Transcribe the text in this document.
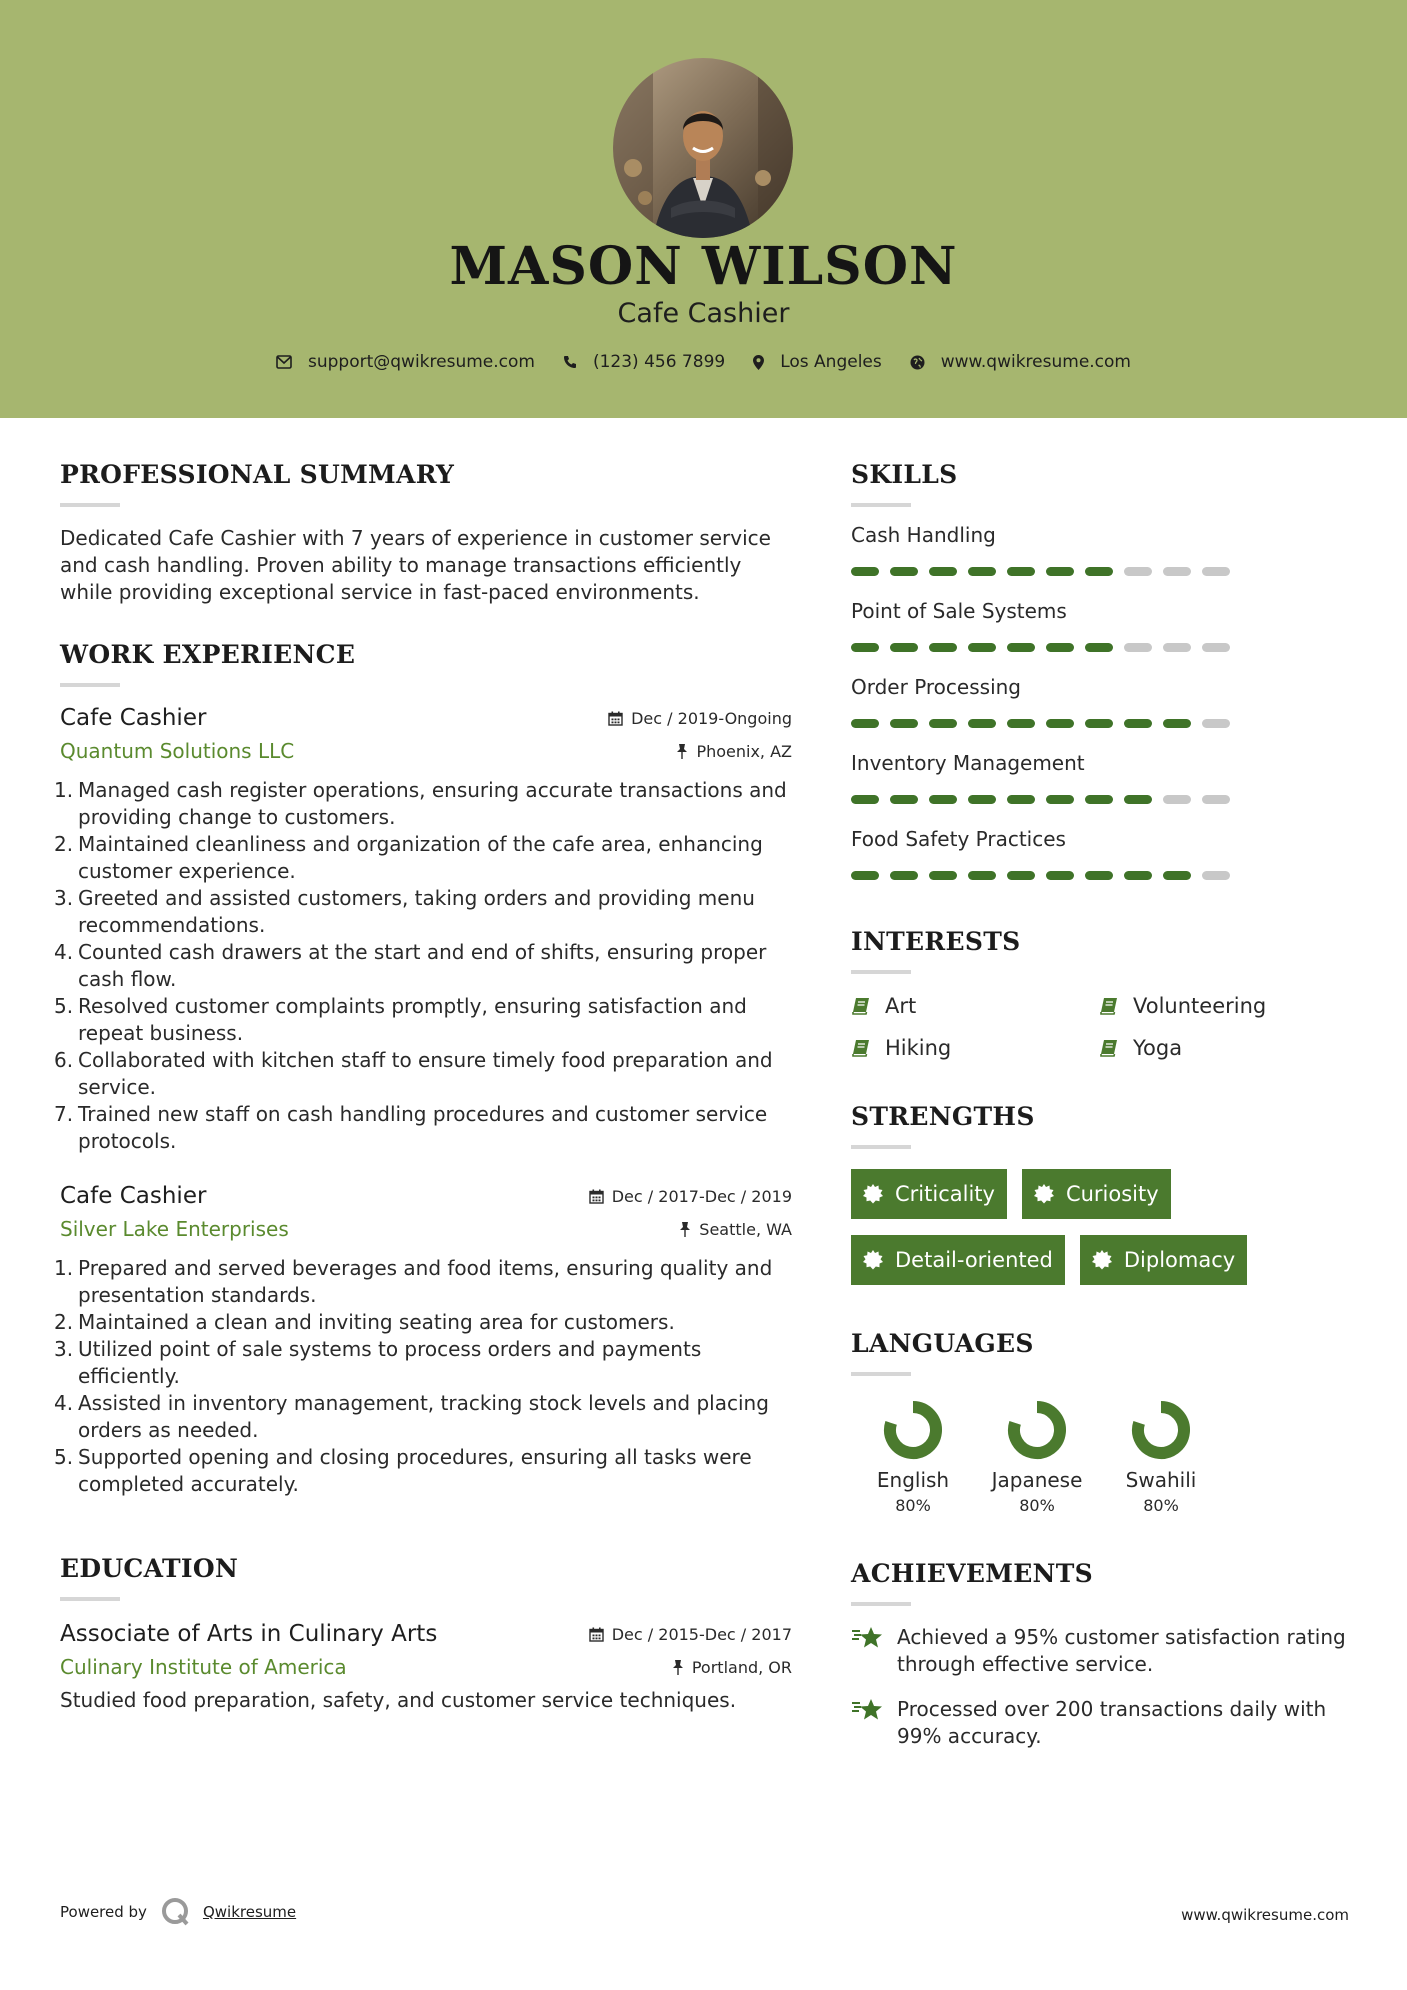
MASON WILSON
Cafe Cashier
support@qwikresume.com	(123) 456 7899	Los Angeles	www.qwikresume.com
PROFESSIONAL SUMMARY
Dedicated Cafe Cashier with 7 years of experience in customer service and cash handling. Proven ability to manage transactions efficiently while providing exceptional service in fast-paced environments.
WORK EXPERIENCE
Cafe Cashier	Dec / 2019-Ongoing
Quantum Solutions LLC	Phoenix, AZ
1. Managed cash register operations, ensuring accurate transactions and providing change to customers.
2. Maintained cleanliness and organization of the cafe area, enhancing customer experience.
3. Greeted and assisted customers, taking orders and providing menu recommendations.
4. Counted cash drawers at the start and end of shifts, ensuring proper cash flow.
5. Resolved customer complaints promptly, ensuring satisfaction and repeat business.
6. Collaborated with kitchen staff to ensure timely food preparation and service.
7. Trained new staff on cash handling procedures and customer service protocols.
Cafe Cashier	Dec / 2017-Dec / 2019
Silver Lake Enterprises	Seattle, WA
1. Prepared and served beverages and food items, ensuring quality and presentation standards.
2. Maintained a clean and inviting seating area for customers.
3. Utilized point of sale systems to process orders and payments efficiently.
4. Assisted in inventory management, tracking stock levels and placing orders as needed.
5. Supported opening and closing procedures, ensuring all tasks were completed accurately.
EDUCATION
Associate of Arts in Culinary Arts	Dec / 2015-Dec / 2017
Culinary Institute of America	Portland, OR
Studied food preparation, safety, and customer service techniques.
SKILLS
Cash Handling
Point of Sale Systems
Order Processing
Inventory Management
Food Safety Practices
INTERESTS
Art	Volunteering
Hiking	Yoga
STRENGTHS
Criticality	Curiosity
Detail-oriented	Diplomacy
LANGUAGES
English
80%
Japanese
80%
Swahili
80%
ACHIEVEMENTS
Achieved a 95% customer satisfaction rating through effective service.
Processed over 200 transactions daily with 99% accuracy.
Powered by	Qwikresume	www.qwikresume.com
